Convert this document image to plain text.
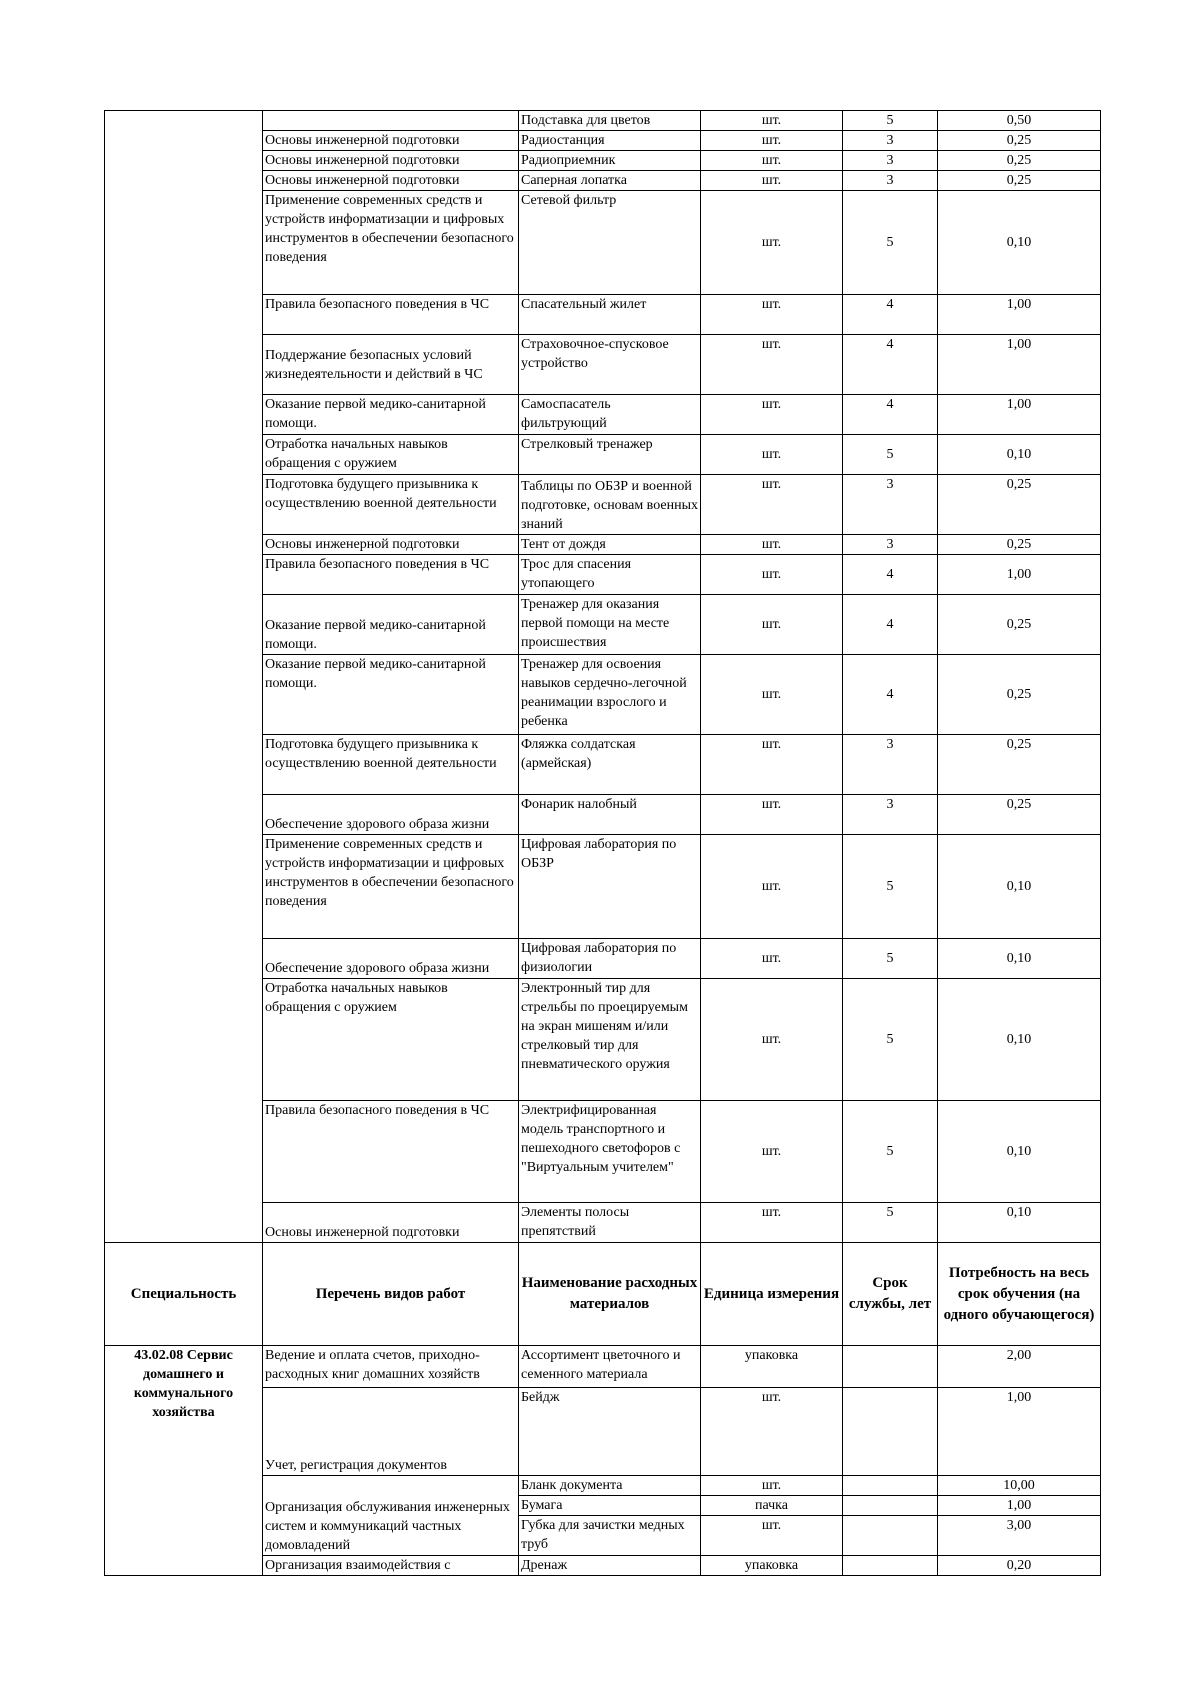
		Подставка для цветов	шт.	5	0,50
	Основы инженерной подготовки	Радиостанция	шт.	3	0,25
	Основы инженерной подготовки	Радиоприемник	шт.	3	0,25
	Основы инженерной подготовки	Саперная лопатка	шт.	3	0,25
	Применение современных средств и устройств информатизации и цифровых инструментов в обеспечении безопасного поведения	Сетевой фильтр	шт.	5	0,10
	Правила безопасного поведения в ЧС	Спасательный жилет	шт.	4	1,00
	Поддержание безопасных условий жизнедеятельности и действий в ЧС	Страховочное-спусковое устройство	шт.	4	1,00
	Оказание первой медико-санитарной помощи.	Самоспасатель фильтрующий	шт.	4	1,00
	Отработка начальных навыков обращения с оружием	Стрелковый тренажер	шт.	5	0,10
	Подготовка будущего призывника к осуществлению военной деятельности	Таблицы по ОБЗР и военной подготовке, основам военных знаний	шт.	3	0,25
	Основы инженерной подготовки	Тент от дождя	шт.	3	0,25
	Правила безопасного поведения в ЧС	Трос для спасения утопающего	шт.	4	1,00
	Оказание первой медико-санитарной помощи.	Тренажер для оказания первой помощи на месте происшествия	шт.	4	0,25
	Оказание первой медико-санитарной помощи.	Тренажер для освоения навыков сердечно-легочной реанимации взрослого и ребенка	шт.	4	0,25
	Подготовка будущего призывника к осуществлению военной деятельности	Фляжка солдатская (армейская)	шт.	3	0,25
	Обеспечение здорового образа жизни	Фонарик налобный	шт.	3	0,25
	Применение современных средств и устройств информатизации и цифровых инструментов в обеспечении безопасного поведения	Цифровая лаборатория по ОБЗР	шт.	5	0,10
	Обеспечение здорового образа жизни	Цифровая лаборатория по физиологии	шт.	5	0,10
	Отработка начальных навыков обращения с оружием	Электронный тир для стрельбы по проецируемым на экран мишеням и/или стрелковый тир для пневматического оружия	шт.	5	0,10
	Правила безопасного поведения в ЧС	Электрифицированная модель транспортного и пешеходного светофоров с "Виртуальным учителем"	шт.	5	0,10
	Основы инженерной подготовки	Элементы полосы препятствий	шт.	5	0,10
Специальность	Перечень видов работ	Наименование расходных материалов	Единица измерения	Срок службы, лет	Потребность на весь срок обучения (на одного обучающегося)
43.02.08 Сервис домашнего и коммунального хозяйства	Ведение и оплата счетов, приходно-расходных книг домашних хозяйств	Ассортимент цветочного и семенного материала	упаковка		2,00
	Учет, регистрация документов	Бейдж	шт.		1,00
	Организация обслуживания инженерных систем и коммуникаций частных домовладений	Бланк документа	шт.		10,00
		Бумага	пачка		1,00
		Губка для зачистки медных труб	шт.		3,00
	Организация взаимодействия с	Дренаж	упаковка		0,20
